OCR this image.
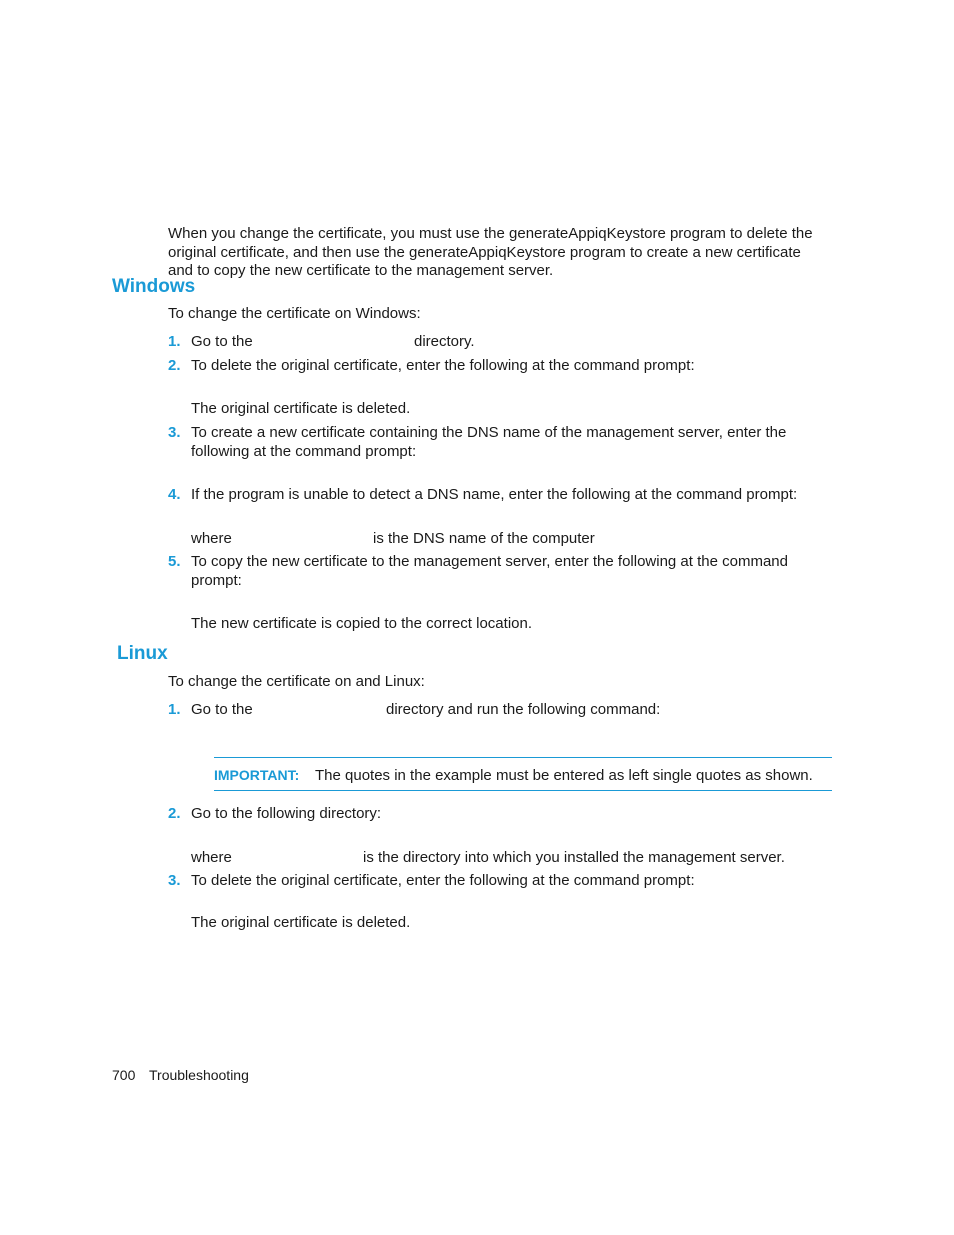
When you change the certificate, you must use the generateAppiqKeystore program to delete the original certificate, and then use the generateAppiqKeystore program to create a new certificate and to copy the new certificate to the management server.

Windows

To change the certificate on Windows:

1. Go to the	directory.
2. To delete the original certificate, enter the following at the command prompt:
The original certificate is deleted.
3. To create a new certificate containing the DNS name of the management server, enter the following at the command prompt:
4. If the program is unable to detect a DNS name, enter the following at the command prompt:
where	is the DNS name of the computer
5. To copy the new certificate to the management server, enter the following at the command prompt:
The new certificate is copied to the correct location.
Linux

To change the certificate on and Linux:

1. Go to the	directory and run the following command:
IMPORTANT: The quotes in the example must be entered as left single quotes as shown.
2. Go to the following directory:
where	is the directory into which you installed the management server.
3. To delete the original certificate, enter the following at the command prompt:
The original certificate is deleted.
700 Troubleshooting
